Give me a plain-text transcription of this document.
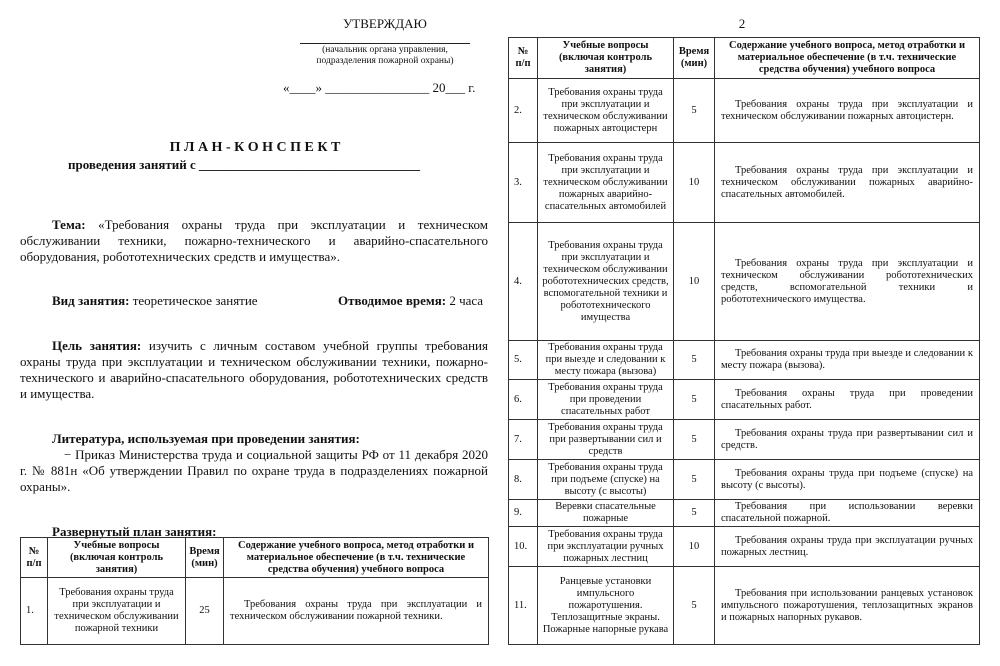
УТВЕРЖДАЮ
(начальник органа управления,
подразделения пожарной охраны)
«____» ________________ 20___ г.
П Л А Н - К О Н С П Е К Т
проведения занятий с __________________________________
Тема: «Требования охраны труда при эксплуатации и техническом обслуживании техники, пожарно-технического и аварийно-спасательного оборудования, робототехнических средств и имущества».
Вид занятия: теоретическое занятие	Отводимое время: 2 часа
Цель занятия: изучить с личным составом учебной группы требования охраны труда при эксплуатации и техническом обслуживании техники, пожарно-технического и аварийно-спасательного оборудования, робототехнических средств и имущества.
Литература, используемая при проведении занятия:
− Приказ Министерства труда и социальной защиты РФ от 11 декабря 2020 г. № 881н «Об утверждении Правил по охране труда в подразделениях пожарной охраны».
Развернутый план занятия:
№ п/п	Учебные вопросы (включая контроль занятия)	Время (мин)	Содержание учебного вопроса, метод отработки и материальное обеспечение (в т.ч. технические средства обучения) учебного вопроса
1.	Требования охраны труда при эксплуатации и техническом обслуживании пожарной техники	25	Требования охраны труда при эксплуатации и техническом обслуживании пожарной техники.
2
№ п/п	Учебные вопросы (включая контроль занятия)	Время (мин)	Содержание учебного вопроса, метод отработки и материальное обеспечение (в т.ч. технические средства обучения) учебного вопроса
2.	Требования охраны труда при эксплуатации и техническом обслуживании пожарных автоцистерн	5	Требования охраны труда при эксплуатации и техническом обслуживании пожарных автоцистерн.
3.	Требования охраны труда при эксплуатации и техническом обслуживании пожарных аварийно-спасательных автомобилей	10	Требования охраны труда при эксплуатации и техническом обслуживании пожарных аварийно-спасательных автомобилей.
4.	Требования охраны труда при эксплуатации и техническом обслуживании робототехнических средств, вспомогательной техники и робототехнического имущества	10	Требования охраны труда при эксплуатации и техническом обслуживании робототехнических средств, вспомогательной техники и робототехнического имущества.
5.	Требования охраны труда при выезде и следовании к месту пожара (вызова)	5	Требования охраны труда при выезде и следовании к месту пожара (вызова).
6.	Требования охраны труда при проведении спасательных работ	5	Требования охраны труда при проведении спасательных работ.
7.	Требования охраны труда при развертывании сил и средств	5	Требования охраны труда при развертывании сил и средств.
8.	Требования охраны труда при подъеме (спуске) на высоту (с высоты)	5	Требования охраны труда при подъеме (спуске) на высоту (с высоты).
9.	Веревки спасательные пожарные	5	Требования при использовании веревки спасательной пожарной.
10.	Требования охраны труда при эксплуатации ручных пожарных лестниц	10	Требования охраны труда при эксплуатации ручных пожарных лестниц.
11.	Ранцевые установки импульсного пожаротушения. Теплозащитные экраны. Пожарные напорные рукава	5	Требования при использовании ранцевых установок импульсного пожаротушения, теплозащитных экранов и пожарных напорных рукавов.
